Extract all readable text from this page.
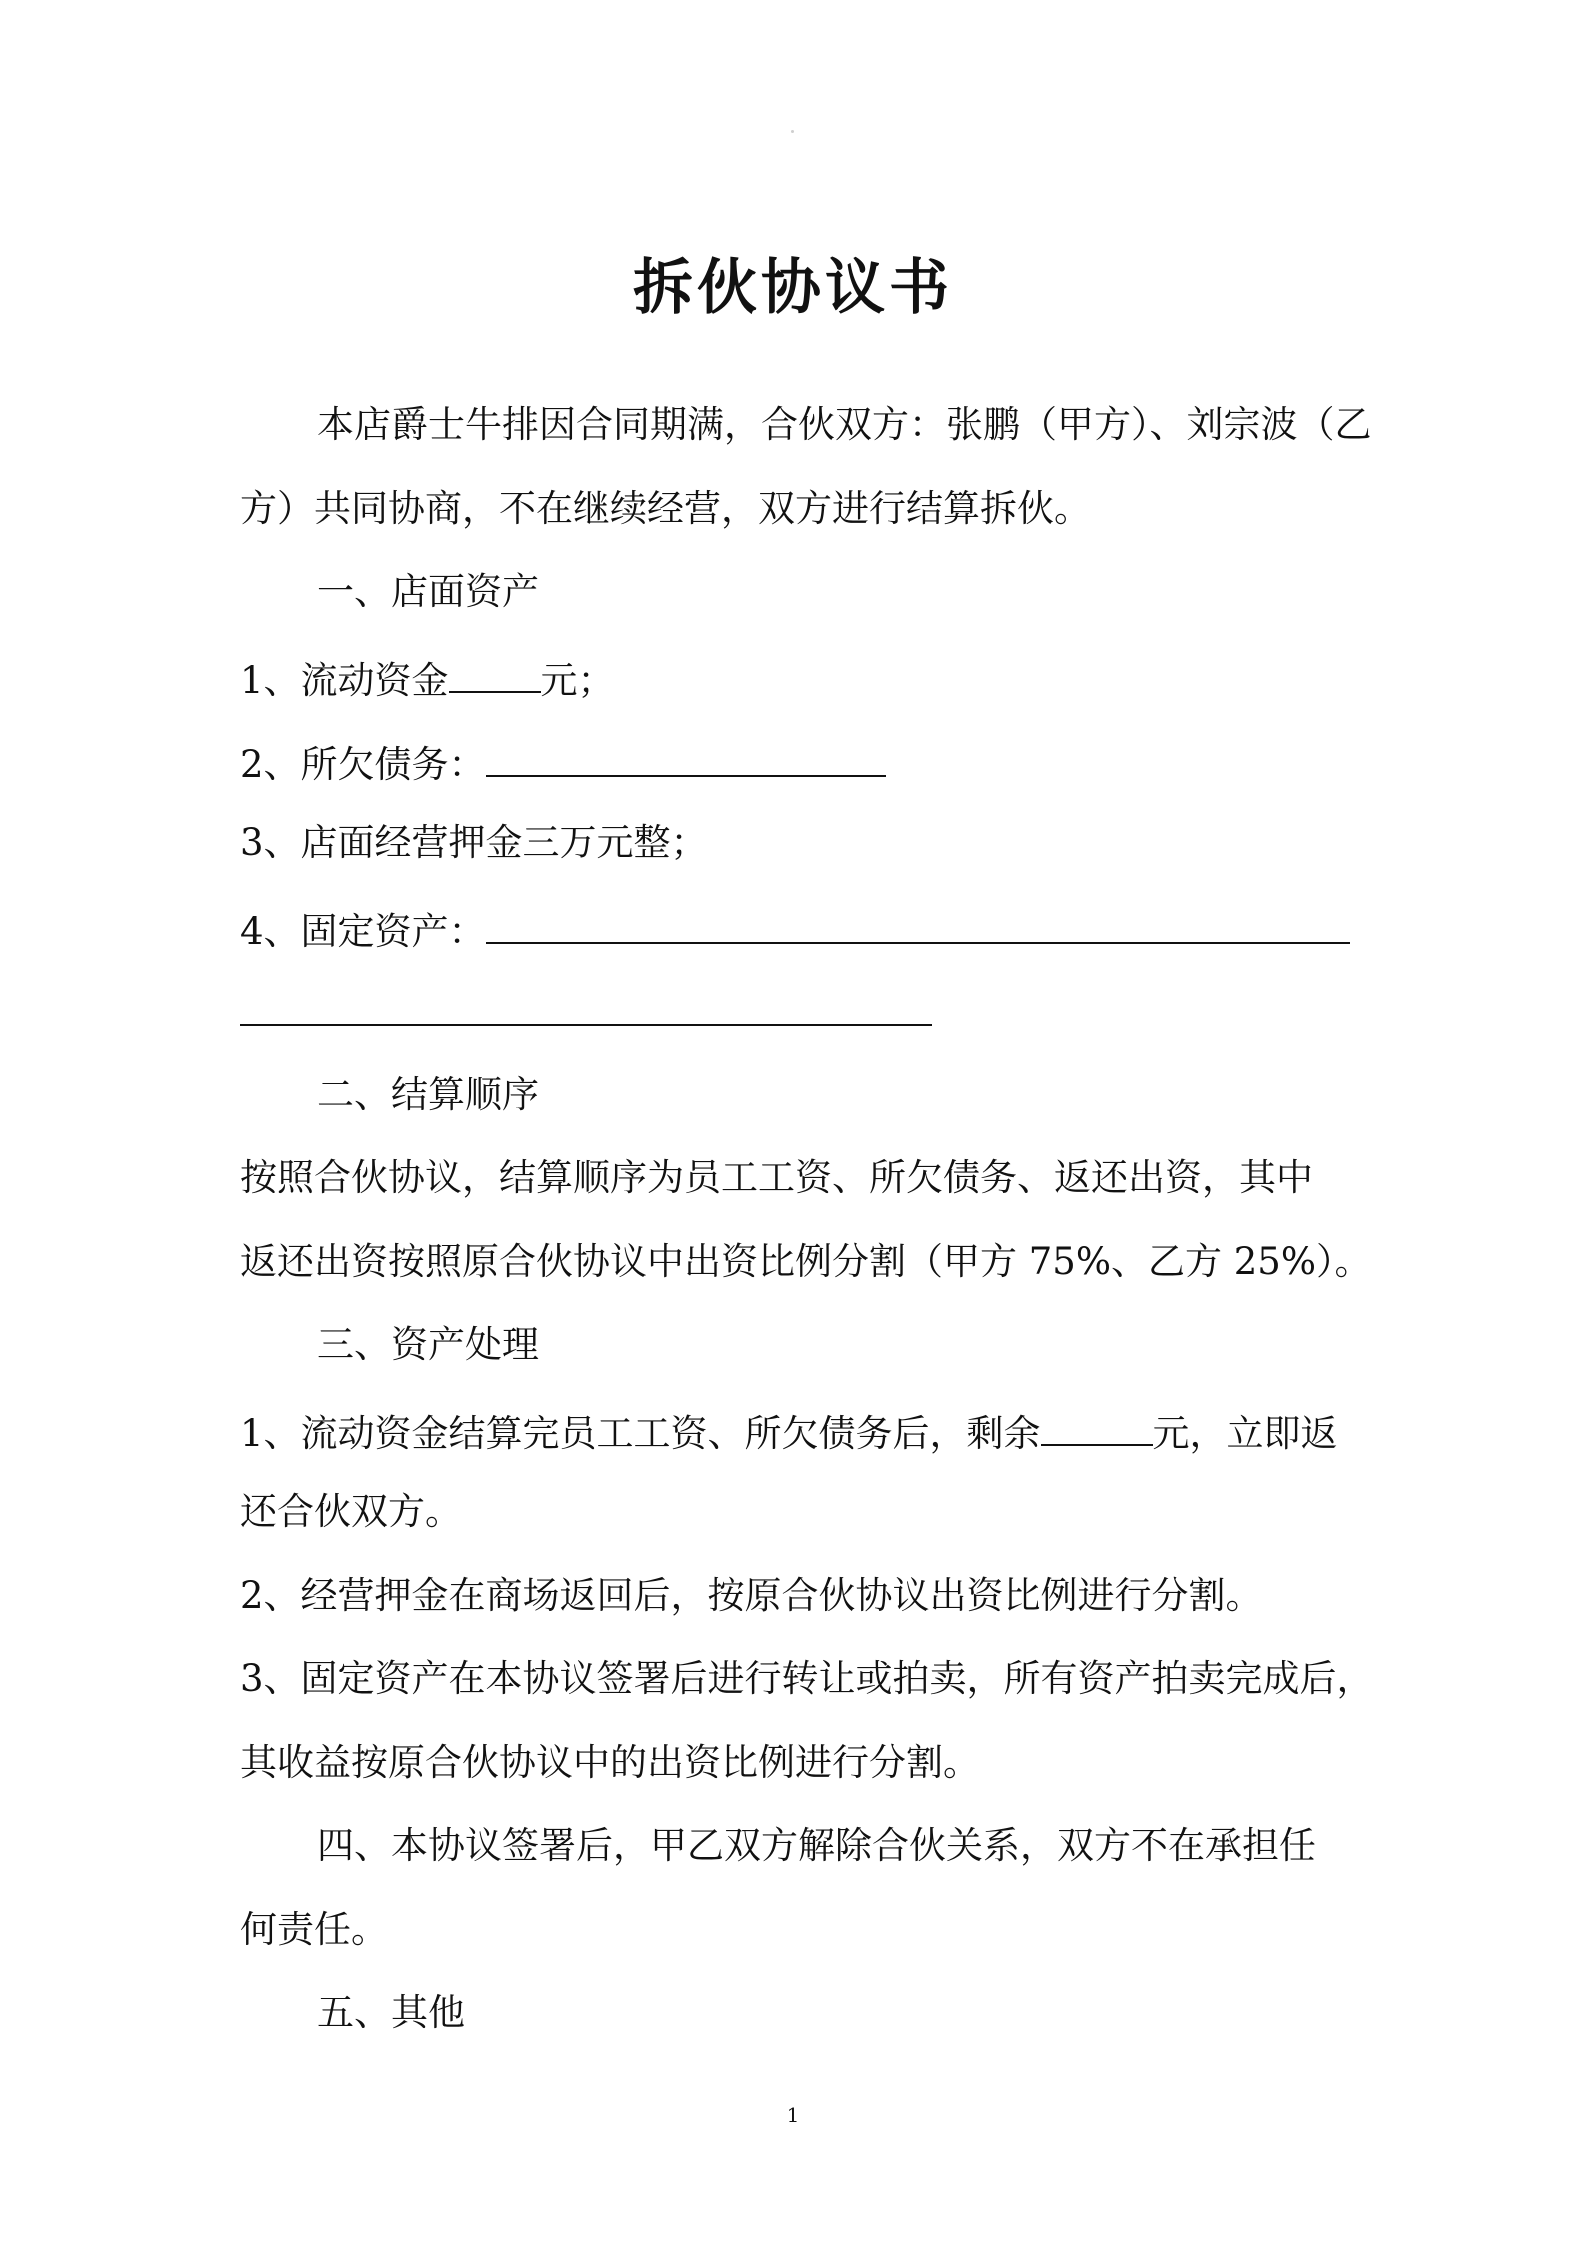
拆伙协议书

本店爵士牛排因合同期满，合伙双方：张鹏（甲方）、刘宗波（乙

方）共同协商，不在继续经营，双方进行结算拆伙。

一、店面资产

1、流动资金 元；

2、所欠债务：

3、店面经营押金三万元整；

4、固定资产：

二、结算顺序

按照合伙协议，结算顺序为员工工资、所欠债务、返还出资，其中

返还出资按照原合伙协议中出资比例分割（甲方 75%、乙方 25%）。

三、资产处理

1、流动资金结算完员工工资、所欠债务后，剩余	元，立即返

还合伙双方。

2、经营押金在商场返回后，按原合伙协议出资比例进行分割。

3、固定资产在本协议签署后进行转让或拍卖，所有资产拍卖完成后，

其收益按原合伙协议中的出资比例进行分割。

四、本协议签署后，甲乙双方解除合伙关系，双方不在承担任

何责任。

五、其他

1
